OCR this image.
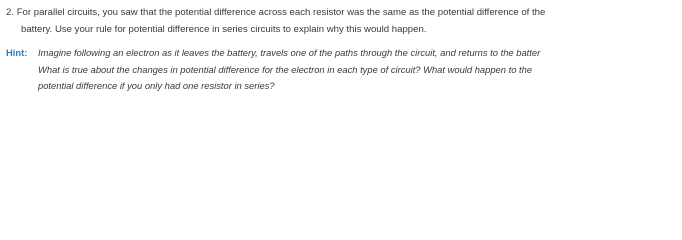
2. For parallel circuits, you saw that the potential difference across each resistor was the same as the potential difference of the
battery. Use your rule for potential difference in series circuits to explain why this would happen.
Hint: Imagine following an electron as it leaves the battery, travels one of the paths through the circuit, and returns to the batter
What is true about the changes in potential difference for the electron in each type of circuit? What would happen to the
potential difference if you only had one resistor in series?
